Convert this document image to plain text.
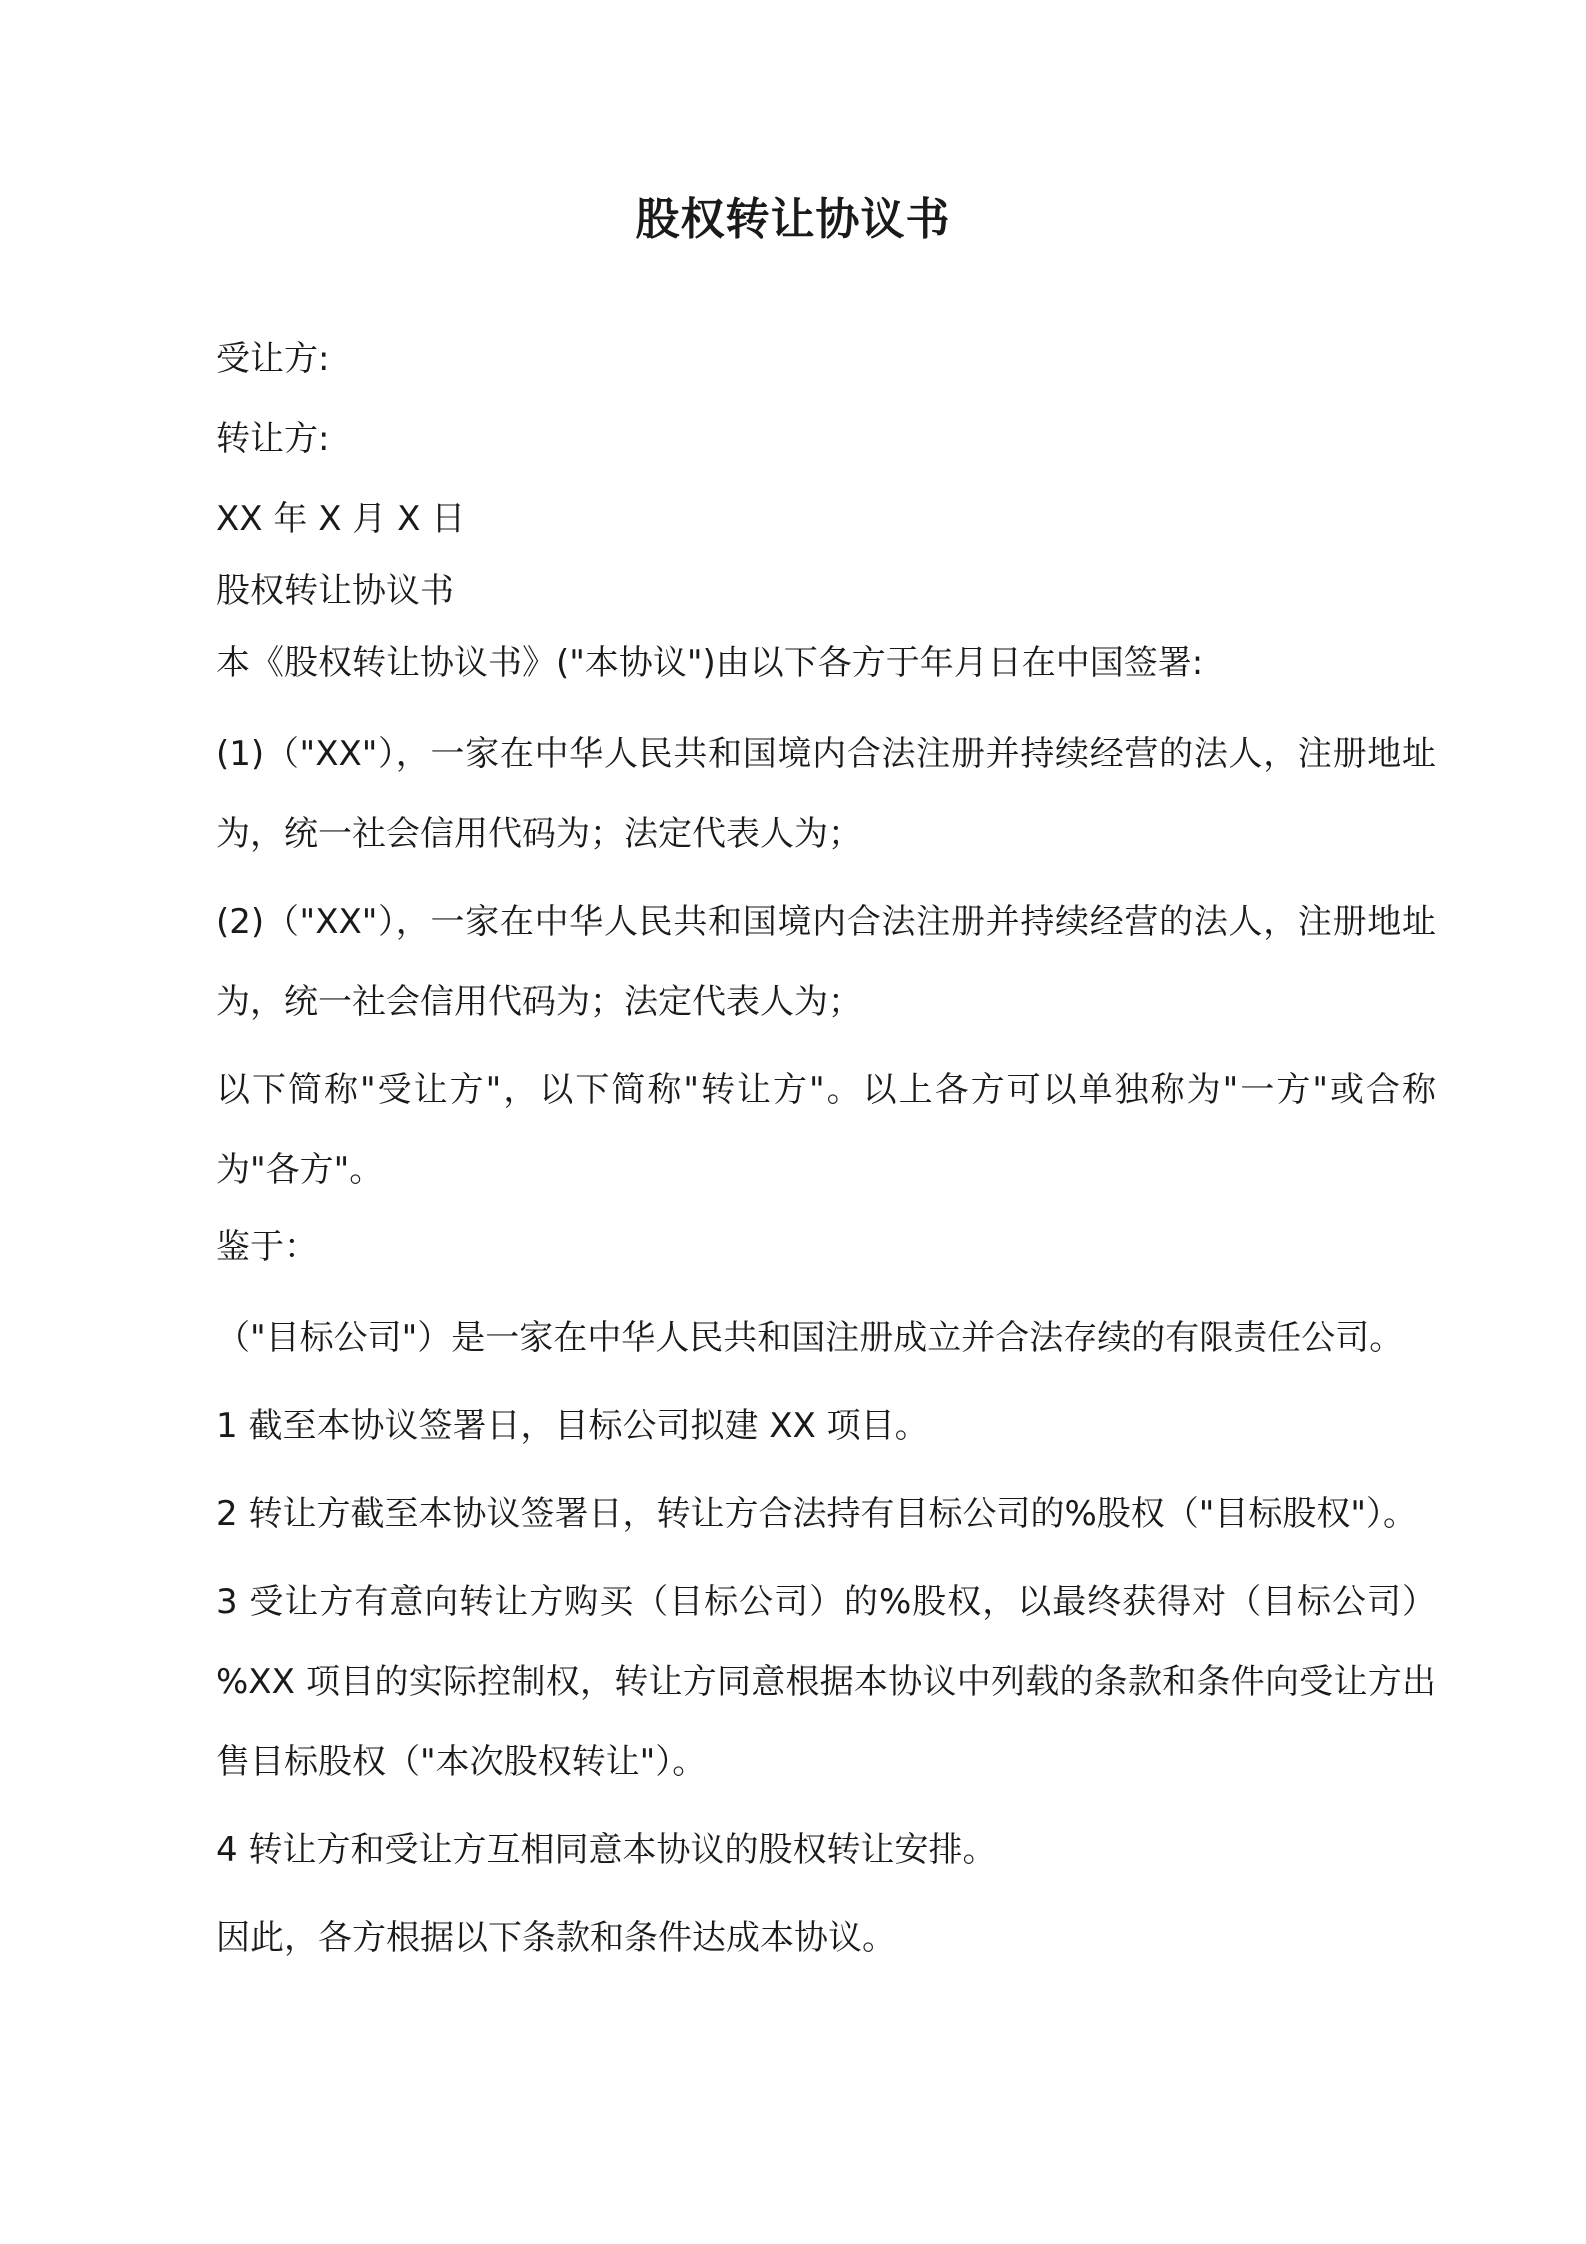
股权转让协议书

受让方:

转让方:

XX 年 X 月 X 日

股权转让协议书

本《股权转让协议书》("本协议")由以下各方于年月日在中国签署:

(1)（"XX"），一家在中华人民共和国境内合法注册并持续经营的法人，注册地址为，统一社会信用代码为；法定代表人为；

(2)（"XX"），一家在中华人民共和国境内合法注册并持续经营的法人，注册地址为，统一社会信用代码为；法定代表人为；

以下简称"受让方"，以下简称"转让方"。以上各方可以单独称为"一方"或合称为"各方"。

鉴于：

（"目标公司"）是一家在中华人民共和国注册成立并合法存续的有限责任公司。

1 截至本协议签署日，目标公司拟建 XX 项目。

2 转让方截至本协议签署日，转让方合法持有目标公司的%股权（"目标股权"）。

3 受让方有意向转让方购买（目标公司）的%股权，以最终获得对（目标公司）%XX 项目的实际控制权，转让方同意根据本协议中列载的条款和条件向受让方出售目标股权（"本次股权转让"）。

4 转让方和受让方互相同意本协议的股权转让安排。

因此，各方根据以下条款和条件达成本协议。
